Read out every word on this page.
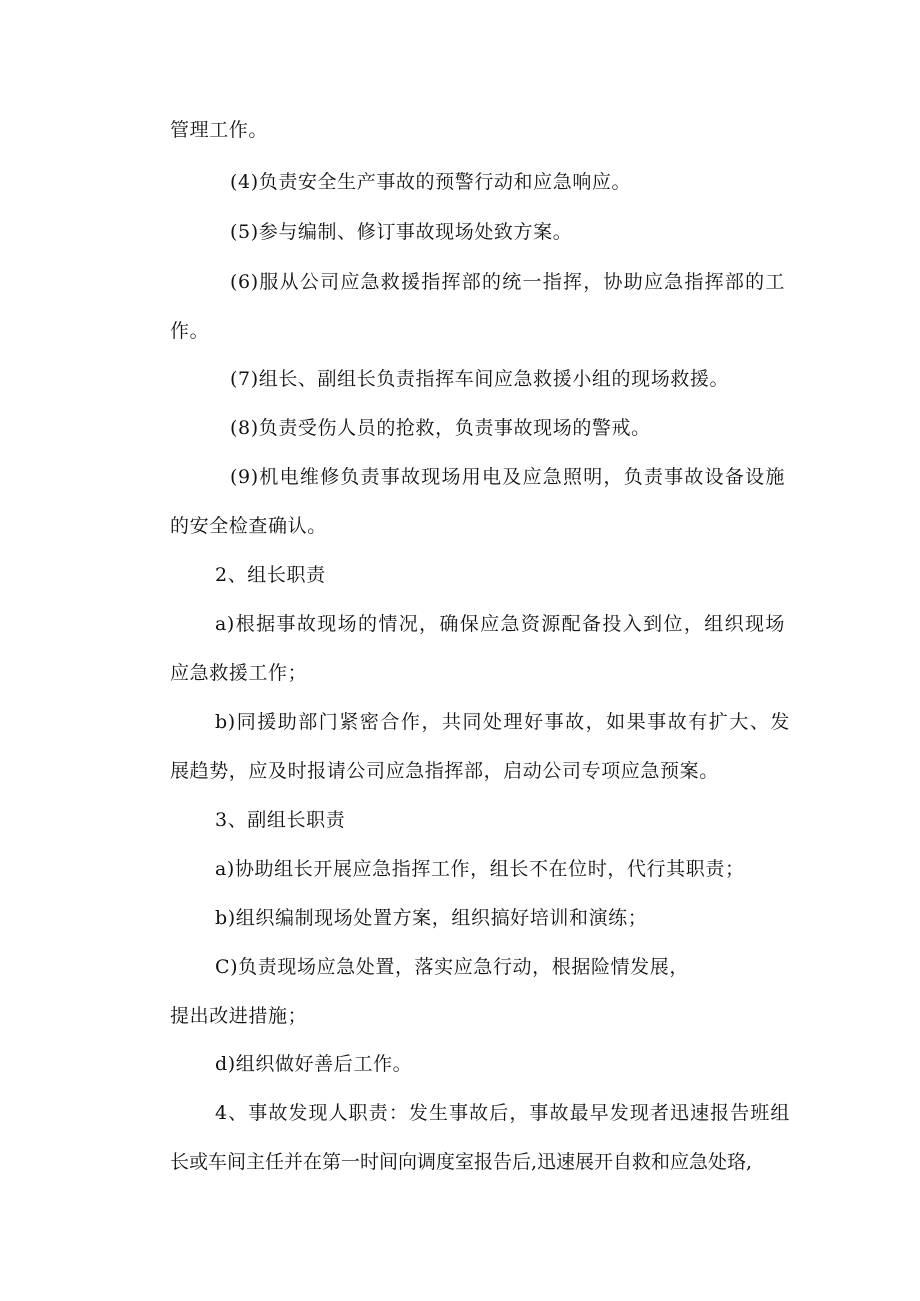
管理工作。
(4)负责安全生产事故的预警行动和应急响应。
(5)参与编制、修订事故现场处致方案。
(6)服从公司应急救援指挥部的统一指挥，协助应急指挥部的工
作。
(7)组长、副组长负责指挥车间应急救援小组的现场救援。
(8)负责受伤人员的抢救，负责事故现场的警戒。
(9)机电维修负责事故现场用电及应急照明，负责事故设备设施
的安全检查确认。
2、组长职责
a)根据事故现场的情况，确保应急资源配备投入到位，组织现场
应急救援工作；
b)同援助部门紧密合作，共同处理好事故，如果事故有扩大、发
展趋势，应及时报请公司应急指挥部，启动公司专项应急预案。
3、副组长职责
a)协助组长开展应急指挥工作，组长不在位时，代行其职责；
b)组织编制现场处置方案，组织搞好培训和演练；
C)负责现场应急处置，落实应急行动，根据险情发展，
提出改进措施；
d)组织做好善后工作。
4、事故发现人职责：发生事故后，事故最早发现者迅速报告班组
长或车间主任并在第一时间向调度室报告后,迅速展开自救和应急处珞,
